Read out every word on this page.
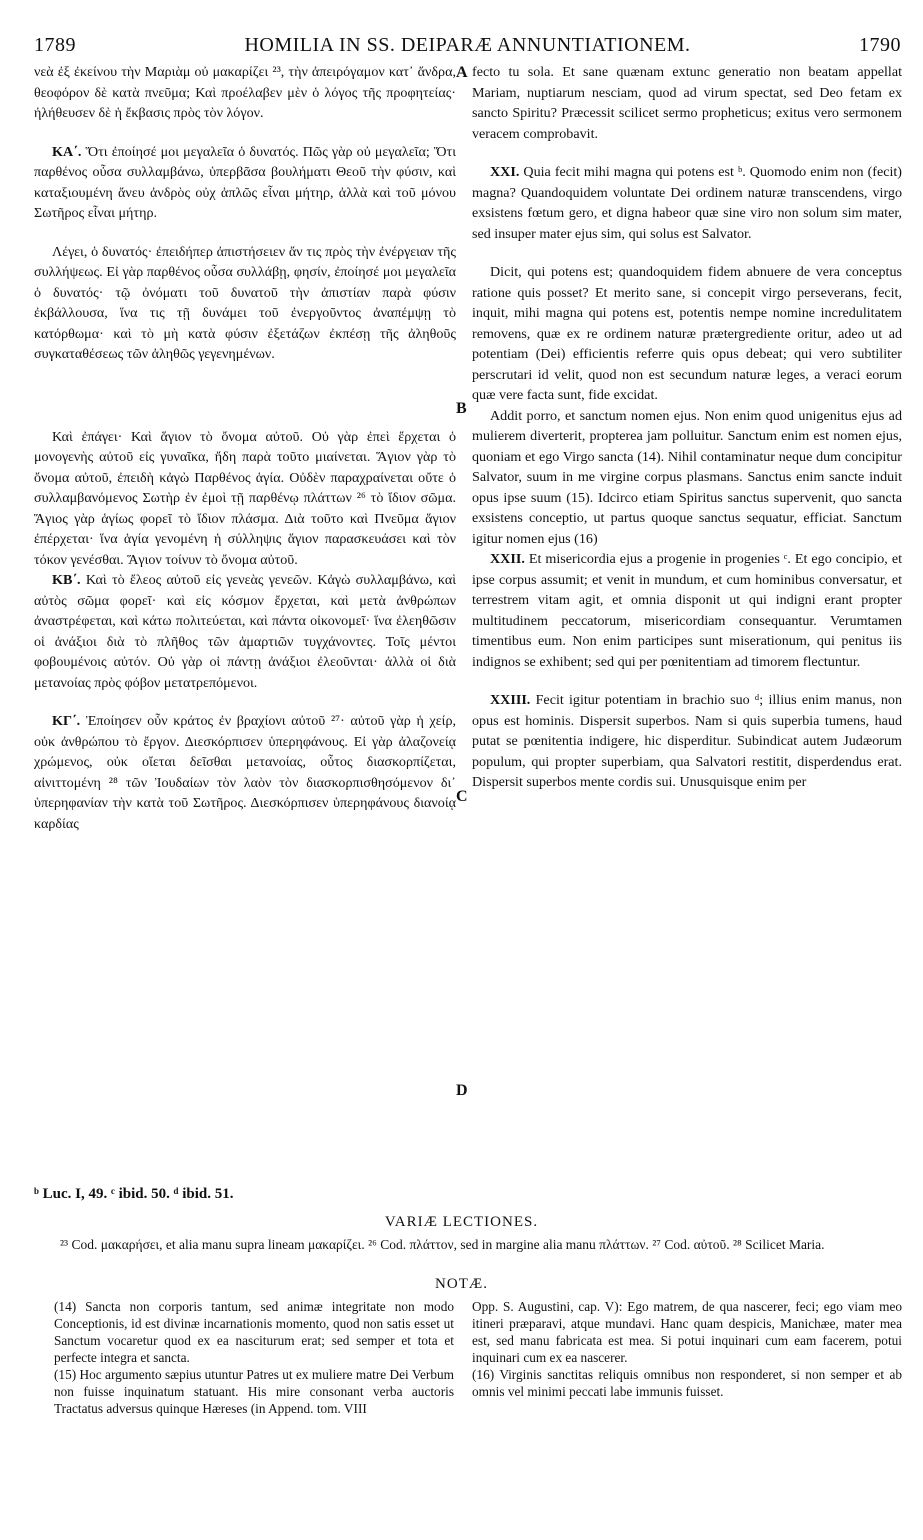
1789	HOMILIA IN SS. DEIPARÆ ANNUNTIATIONEM.	1790

νεὰ ἐξ ἐκείνου τὴν Μαριὰμ οὐ μακαρίζει ²³, τὴν ἀπειρόγαμον κατ᾽ ἄνδρα, θεοφόρον δὲ κατὰ πνεῦμα; Καὶ προέλαβεν μὲν ὁ λόγος τῆς προφητείας· ἠλήθευσεν δὲ ἡ ἔκβασις πρὸς τὸν λόγον.

ΚΑ΄. Ὅτι ἐποίησέ μοι μεγαλεῖα ὁ δυνατός. Πῶς γὰρ οὐ μεγαλεῖα; Ὅτι παρθένος οὖσα συλλαμβάνω, ὑπερβᾶσα βουλήματι Θεοῦ τὴν φύσιν, καὶ καταξιουμένη ἄνευ ἀνδρὸς οὐχ ἁπλῶς εἶναι μήτηρ, ἀλλὰ καὶ τοῦ μόνου Σωτῆρος εἶναι μήτηρ.

Λέγει, ὁ δυνατός· ἐπειδήπερ ἀπιστήσειεν ἄν τις πρὸς τὴν ἐνέργειαν τῆς συλλήψεως. Εἰ γὰρ παρθένος οὖσα συλλάβῃ, φησίν, ἐποίησέ μοι μεγαλεῖα ὁ δυνατός· τῷ ὀνόματι τοῦ δυνατοῦ τὴν ἀπιστίαν παρὰ φύσιν ἐκβάλλουσα, ἵνα τις τῇ δυνάμει τοῦ ἐνεργοῦντος ἀναπέμψῃ τὸ κατόρθωμα· καὶ τὸ μὴ κατὰ φύσιν ἐξετάζων ἐκπέσῃ τῆς ἀληθοῦς συγκαταθέσεως τῶν ἀληθῶς γεγενημένων.

Καὶ ἐπάγει· Καὶ ἅγιον τὸ ὄνομα αὐτοῦ. Οὐ γὰρ ἐπεὶ ἔρχεται ὁ μονογενὴς αὐτοῦ εἰς γυναῖκα, ἤδη παρὰ τοῦτο μιαίνεται. Ἅγιον γὰρ τὸ ὄνομα αὐτοῦ, ἐπειδὴ κἀγὼ Παρθένος ἁγία. Οὐδὲν παραχραίνεται οὔτε ὁ συλλαμβανόμενος Σωτὴρ ἐν ἐμοὶ τῇ παρθένῳ πλάττων ²⁶ τὸ ἴδιον σῶμα. Ἅγιος γὰρ ἁγίως φορεῖ τὸ ἴδιον πλάσμα. Διὰ τοῦτο καὶ Πνεῦμα ἅγιον ἐπέρχεται· ἵνα ἁγία γενομένη ἡ σύλληψις ἅγιον παρασκευάσει καὶ τὸν τόκον γενέσθαι. Ἅγιον τοίνυν τὸ ὄνομα αὐτοῦ.

ΚΒ΄. Καὶ τὸ ἔλεος αὐτοῦ εἰς γενεὰς γενεῶν. Κἀγὼ συλλαμβάνω, καὶ αὐτὸς σῶμα φορεῖ· καὶ εἰς κόσμον ἔρχεται, καὶ μετὰ ἀνθρώπων ἀναστρέφεται, καὶ κάτω πολιτεύεται, καὶ πάντα οἰκονομεῖ· ἵνα ἐλεηθῶσιν οἱ ἀνάξιοι διὰ τὸ πλῆθος τῶν ἁμαρτιῶν τυγχάνοντες. Τοῖς μέντοι φοβουμένοις αὐτόν. Οὐ γὰρ οἱ πάντῃ ἀνάξιοι ἐλεοῦνται· ἀλλὰ οἱ διὰ μετανοίας πρὸς φόβον μετατρεπόμενοι.

ΚΓ΄. Ἐποίησεν οὖν κράτος ἐν βραχίονι αὐτοῦ ²⁷· αὐτοῦ γὰρ ἡ χείρ, οὐκ ἀνθρώπου τὸ ἔργον. Διεσκόρπισεν ὑπερηφάνους. Εἰ γὰρ ἀλαζονείᾳ χρώμενος, οὐκ οἴεται δεῖσθαι μετανοίας, οὗτος διασκορπίζεται, αἰνιττομένη ²⁸ τῶν Ἰουδαίων τὸν λαὸν τὸν διασκορπισθησόμενον δι᾽ ὑπερηφανίαν τὴν κατὰ τοῦ Σωτῆρος. Διεσκόρπισεν ὑπερηφάνους διανοίᾳ καρδίας

A
B
C
D

fecto tu sola. Et sane quænam extunc generatio non beatam appellat Mariam, nuptiarum nesciam, quod ad virum spectat, sed Deo fetam ex sancto Spiritu? Præcessit scilicet sermo propheticus; exitus vero sermonem veracem comprobavit.

XXI. Quia fecit mihi magna qui potens est ᵇ. Quomodo enim non (fecit) magna? Quandoquidem voluntate Dei ordinem naturæ transcendens, virgo exsistens fœtum gero, et digna habeor quæ sine viro non solum sim mater, sed insuper mater ejus sim, qui solus est Salvator.

Dicit, qui potens est; quandoquidem fidem abnuere de vera conceptus ratione quis posset? Et merito sane, si concepit virgo perseverans, fecit, inquit, mihi magna qui potens est, potentis nempe nomine incredulitatem removens, quæ ex re ordinem naturæ prætergrediente oritur, adeo ut ad potentiam (Dei) efficientis referre quis opus debeat; qui vero subtiliter perscrutari id velit, quod non est secundum naturæ leges, a veraci eorum quæ vere facta sunt, fide excidat.

Addit porro, et sanctum nomen ejus. Non enim quod unigenitus ejus ad mulierem diverterit, propterea jam polluitur. Sanctum enim est nomen ejus, quoniam et ego Virgo sancta (14). Nihil contaminatur neque dum concipitur Salvator, suum in me virgine corpus plasmans. Sanctus enim sancte induit opus ipse suum (15). Idcirco etiam Spiritus sanctus supervenit, quo sancta exsistens conceptio, ut partus quoque sanctus sequatur, efficiat. Sanctum igitur nomen ejus (16)

XXII. Et misericordia ejus a progenie in progenies ᶜ. Et ego concipio, et ipse corpus assumit; et venit in mundum, et cum hominibus conversatur, et terrestrem vitam agit, et omnia disponit ut qui indigni erant propter multitudinem peccatorum, misericordiam consequantur. Verumtamen timentibus eum. Non enim participes sunt miserationum, qui penitus iis indignos se exhibent; sed qui per pœnitentiam ad timorem flectuntur.

XXIII. Fecit igitur potentiam in brachio suo ᵈ; illius enim manus, non opus est hominis. Dispersit superbos. Nam si quis superbia tumens, haud putat se pœnitentia indigere, hic disperditur. Subindicat autem Judæorum populum, qui propter superbiam, qua Salvatori restitit, disperdendus erat. Dispersit superbos mente cordis sui. Unusquisque enim per

ᵇ Luc. I, 49. ᶜ ibid. 50. ᵈ ibid. 51.
VARIÆ LECTIONES.
²³ Cod. μακαρήσει, et alia manu supra lineam μακαρίζει. ²⁶ Cod. πλάττον, sed in margine alia manu πλάττων. ²⁷ Cod. αὐτοῦ. ²⁸ Scilicet Maria.
NOTÆ.

(14) Sancta non corporis tantum, sed animæ integritate non modo Conceptionis, id est divinæ incarnationis momento, quod non satis esset ut Sanctum vocaretur quod ex ea nasciturum erat; sed semper et tota et perfecte integra et sancta.

(15) Hoc argumento sæpius utuntur Patres ut ex muliere matre Dei Verbum non fuisse inquinatum statuant. His mire consonant verba auctoris Tractatus adversus quinque Hæreses (in Append. tom. VIII

Opp. S. Augustini, cap. V): Ego matrem, de qua nascerer, feci; ego viam meo itineri præparavi, atque mundavi. Hanc quam despicis, Manichæe, mater mea est, sed manu fabricata est mea. Si potui inquinari cum eam facerem, potui inquinari cum ex ea nascerer.

(16) Virginis sanctitas reliquis omnibus non responderet, si non semper et ab omnis vel minimi peccati labe immunis fuisset.
